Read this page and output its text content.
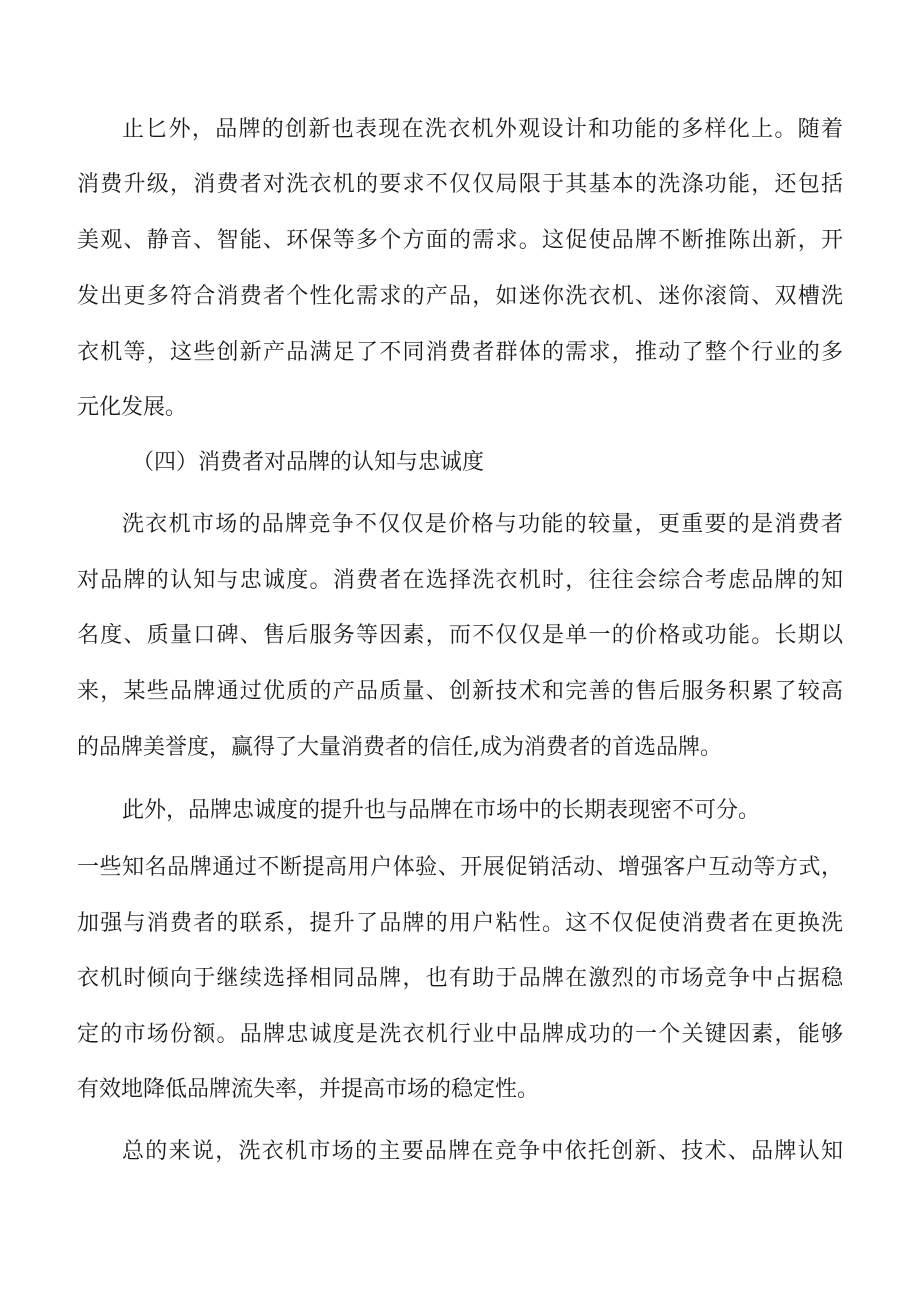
止匕外，品牌的创新也表现在洗衣机外观设计和功能的多样化上。随着
消费升级，消费者对洗衣机的要求不仅仅局限于其基本的洗涤功能，还包括
美观、静音、智能、环保等多个方面的需求。这促使品牌不断推陈出新，开
发出更多符合消费者个性化需求的产品，如迷你洗衣机、迷你滚筒、双槽洗
衣机等，这些创新产品满足了不同消费者群体的需求，推动了整个行业的多
元化发展。
（四）消费者对品牌的认知与忠诚度
洗衣机市场的品牌竞争不仅仅是价格与功能的较量，更重要的是消费者
对品牌的认知与忠诚度。消费者在选择洗衣机时，往往会综合考虑品牌的知
名度、质量口碑、售后服务等因素，而不仅仅是单一的价格或功能。长期以
来，某些品牌通过优质的产品质量、创新技术和完善的售后服务积累了较高
的品牌美誉度，赢得了大量消费者的信任,成为消费者的首选品牌。
此外，品牌忠诚度的提升也与品牌在市场中的长期表现密不可分。
一些知名品牌通过不断提高用户体验、开展促销活动、增强客户互动等方式，
加强与消费者的联系，提升了品牌的用户粘性。这不仅促使消费者在更换洗
衣机时倾向于继续选择相同品牌，也有助于品牌在激烈的市场竞争中占据稳
定的市场份额。品牌忠诚度是洗衣机行业中品牌成功的一个关键因素，能够
有效地降低品牌流失率，并提高市场的稳定性。
总的来说，洗衣机市场的主要品牌在竞争中依托创新、技术、品牌认知
